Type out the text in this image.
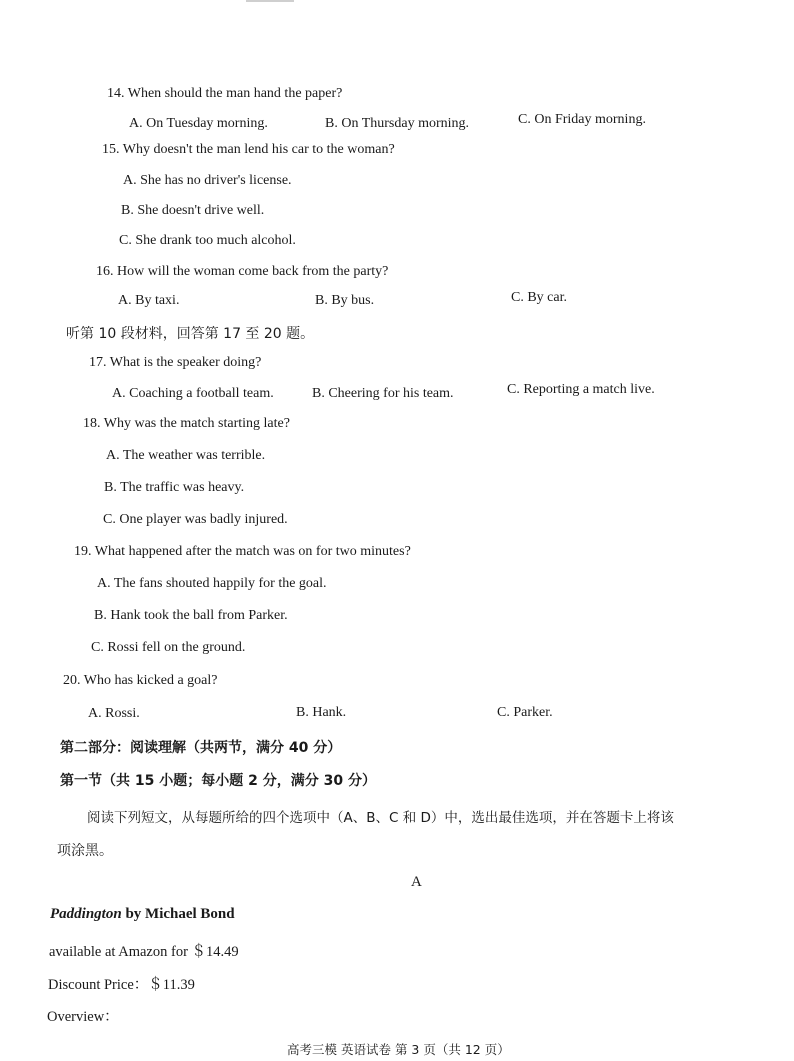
14. When should the man hand the paper?
A. On Tuesday morning.	B. On Thursday morning.	C. On Friday morning.
15. Why doesn't the man lend his car to the woman?
A. She has no driver's license.
B. She doesn't drive well.
C. She drank too much alcohol.
16. How will the woman come back from the party?
A. By taxi.	B. By bus.	C. By car.
听第 10 段材料，回答第 17 至 20 题。
17. What is the speaker doing?
A. Coaching a football team.	B. Cheering for his team.	C. Reporting a match live.
18. Why was the match starting late?
A. The weather was terrible.
B. The traffic was heavy.
C. One player was badly injured.
19. What happened after the match was on for two minutes?
A. The fans shouted happily for the goal.
B. Hank took the ball from Parker.
C. Rossi fell on the ground.
20. Who has kicked a goal?
A. Rossi.	B. Hank.	C. Parker.
第二部分：阅读理解（共两节，满分 40 分）
第一节（共 15 小题；每小题 2 分，满分 30 分）
阅读下列短文，从每题所给的四个选项中（A、B、C 和 D）中，选出最佳选项，并在答题卡上将该
项涂黑。
A
Paddington by Michael Bond
available at Amazon for ＄14.49
Discount Price：＄11.39
Overview：
高考三模 英语试卷 第 3 页（共 12 页）
